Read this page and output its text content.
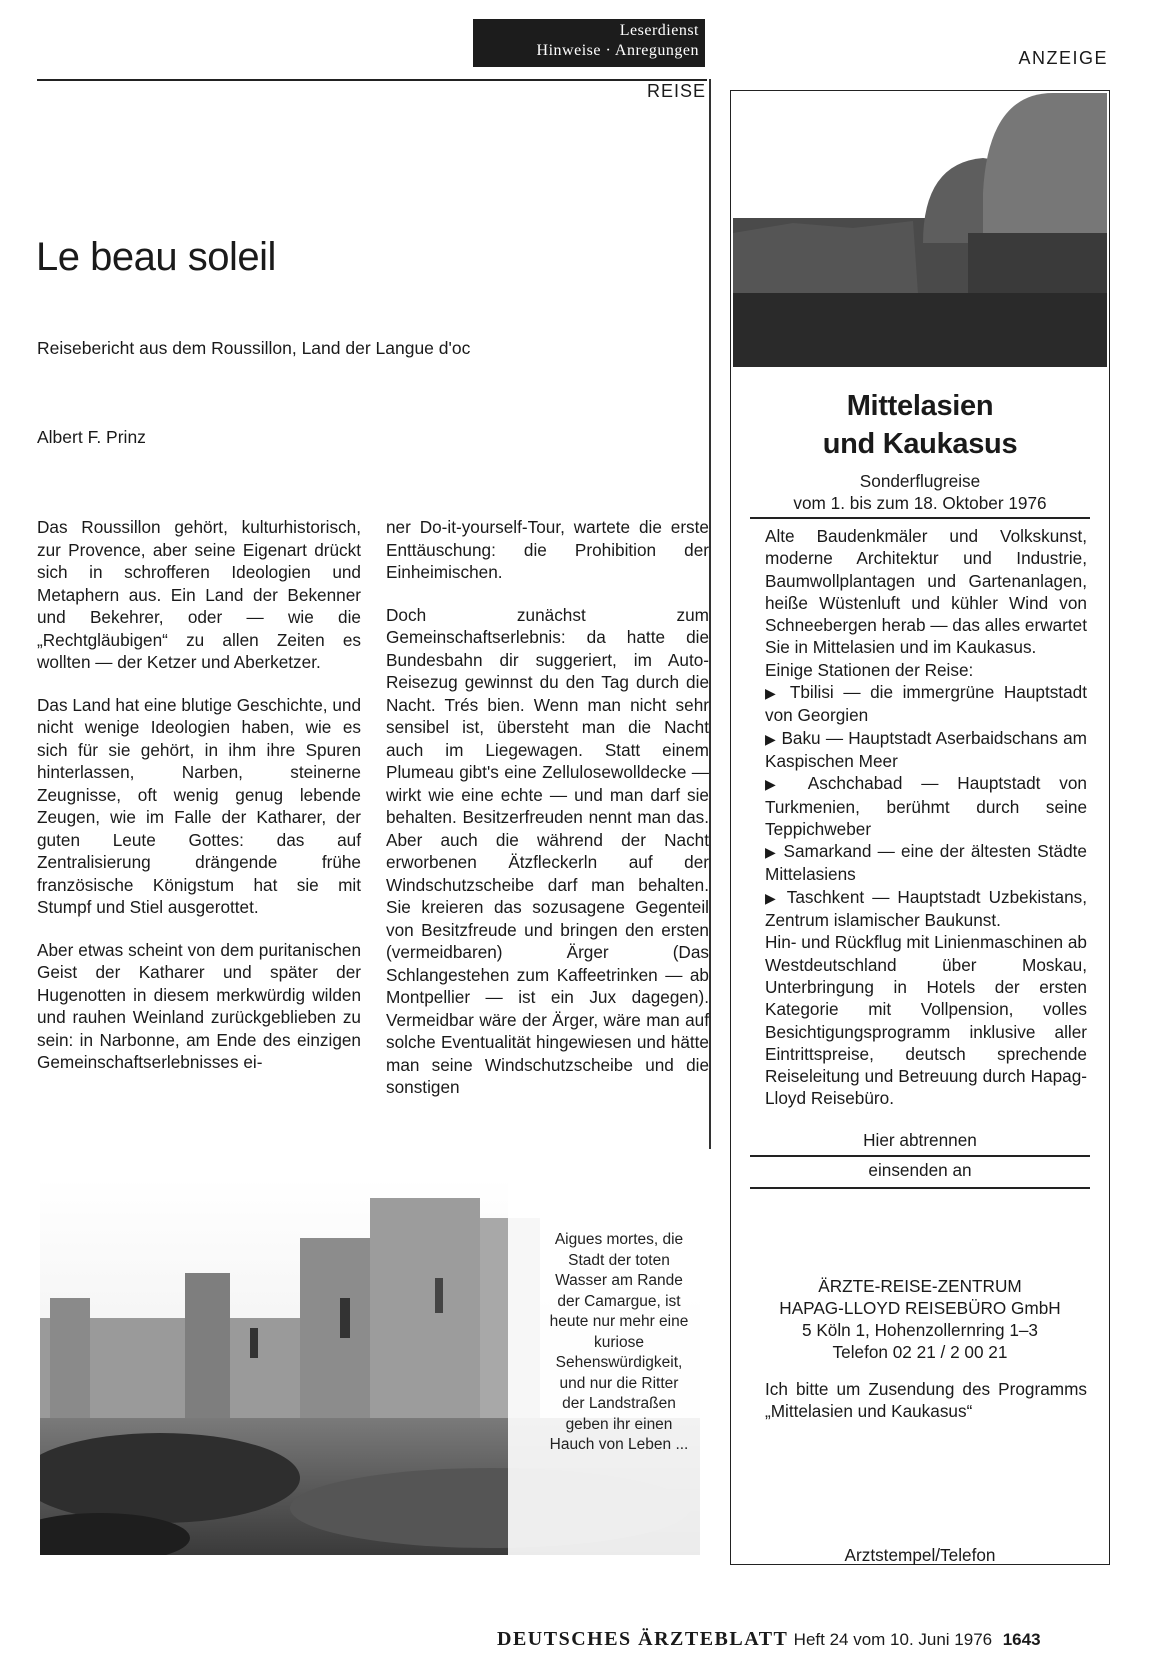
Leserdienst
Hinweise · Anregungen
REISE
ANZEIGE
Le beau soleil
Reisebericht aus dem Roussillon, Land der Langue d'oc
Albert F. Prinz

Das Roussillon gehört, kulturhistorisch, zur Provence, aber seine Eigenart drückt sich in schrofferen Ideologien und Metaphern aus. Ein Land der Bekenner und Bekehrer, oder — wie die „Rechtgläubigen“ zu allen Zeiten es wollten — der Ketzer und Aberketzer.

Das Land hat eine blutige Geschichte, und nicht wenige Ideologien haben, wie es sich für sie gehört, in ihm ihre Spuren hinterlassen, Narben, steinerne Zeugnisse, oft wenig genug lebende Zeugen, wie im Falle der Katharer, der guten Leute Gottes: das auf Zentralisierung drängende frühe französische Königstum hat sie mit Stumpf und Stiel ausgerottet.

Aber etwas scheint von dem puritanischen Geist der Katharer und später der Hugenotten in diesem merkwürdig wilden und rauhen Weinland zurückgeblieben zu sein: in Narbonne, am Ende des einzigen Gemeinschaftserlebnisses ei-

ner Do-it-yourself-Tour, wartete die erste Enttäuschung: die Prohibition der Einheimischen.

Doch zunächst zum Gemeinschaftserlebnis: da hatte die Bundesbahn dir suggeriert, im Auto-Reisezug gewinnst du den Tag durch die Nacht. Trés bien. Wenn man nicht sehr sensibel ist, übersteht man die Nacht auch im Liegewagen. Statt einem Plumeau gibt's eine Zellulosewolldecke — wirkt wie eine echte — und man darf sie behalten. Besitzerfreuden nennt man das. Aber auch die während der Nacht erworbenen Ätzfleckerln auf der Windschutzscheibe darf man behalten. Sie kreieren das sozusagene Gegenteil von Besitzfreude und bringen den ersten (vermeidbaren) Ärger (Das Schlangestehen zum Kaffeetrinken — ab Montpellier — ist ein Jux dagegen). Vermeidbar wäre der Ärger, wäre man auf solche Eventualität hingewiesen und hätte man seine Windschutzscheibe und die sonstigen

Aigues mortes, die Stadt der toten Wasser am Rande der Camargue, ist heute nur mehr eine kuriose Sehenswürdigkeit, und nur die Ritter der Landstraßen geben ihr einen Hauch von Leben ...
Mittelasien
und Kaukasus
Sonderflugreise
vom 1. bis zum 18. Oktober 1976
Alte Baudenkmäler und Volkskunst, moderne Architektur und Industrie, Baumwollplantagen und Gartenanlagen, heiße Wüstenluft und kühler Wind von Schneebergen herab — das alles erwartet Sie in Mittelasien und im Kaukasus.
Einige Stationen der Reise:
▶ Tbilisi — die immergrüne Hauptstadt von Georgien
▶ Baku — Hauptstadt Aserbaidschans am Kaspischen Meer
▶ Aschchabad — Hauptstadt von Turkmenien, berühmt durch seine Teppichweber
▶ Samarkand — eine der ältesten Städte Mittelasiens
▶ Taschkent — Hauptstadt Uzbekistans, Zentrum islamischer Baukunst.
Hin- und Rückflug mit Linienmaschinen ab Westdeutschland über Moskau, Unterbringung in Hotels der ersten Kategorie mit Vollpension, volles Besichtigungsprogramm inklusive aller Eintrittspreise, deutsch sprechende Reiseleitung und Betreuung durch Hapag-Lloyd Reisebüro.
Hier abtrennen
einsenden an
ÄRZTE-REISE-ZENTRUM
HAPAG-LLOYD REISEBÜRO GmbH
5 Köln 1, Hohenzollernring 1–3
Telefon 02 21 / 2 00 21
Ich bitte um Zusendung des Programms „Mittelasien und Kaukasus“
Arztstempel/Telefon
DEUTSCHES ÄRZTEBLATT Heft 24 vom 10. Juni 1976 1643
